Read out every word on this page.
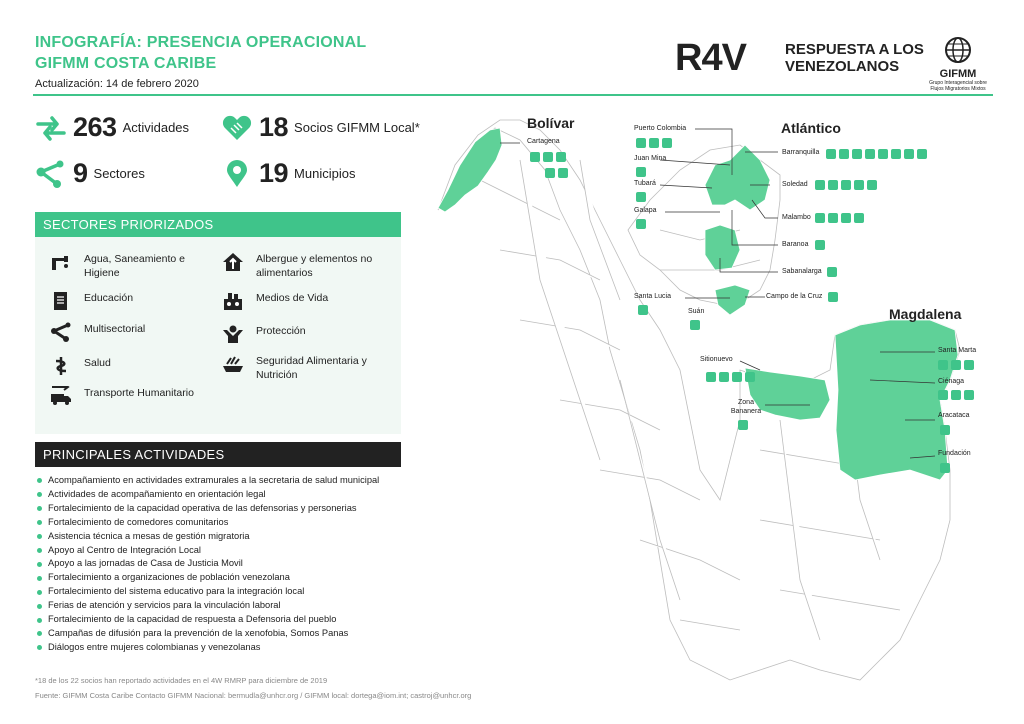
INFOGRAFÍA: PRESENCIA OPERACIONAL
GIFMM COSTA CARIBE
Actualización: 14 de febrero 2020
R4V	RESPUESTA A LOS
VENEZOLANOS	GIFMM
Grupo Interagencial sobre Flujos Migratorios Mixtos
263 Actividades	18 Socios GIFMM Local*
9 Sectores	19 Municipios
SECTORES PRIORIZADOS
Agua, Saneamiento e Higiene
Albergue y elementos no alimentarios
Educación	Medios de Vida
Multisectorial	Protección
Salud	Seguridad Alimentaria y Nutrición
Transporte Humanitario
PRINCIPALES ACTIVIDADES
Acompañamiento en actividades extramurales a la secretaria de salud municipal
Actividades de acompañamiento en orientación legal
Fortalecimiento de la capacidad operativa de las defensorias y personerias
Fortalecimiento de comedores comunitarios
Asistencia técnica a mesas de gestión migratoria
Apoyo al Centro de Integración Local
Apoyo a las jornadas de Casa de Justicia Movil
Fortalecimiento a organizaciones de población venezolana
Fortalecimiento del sistema educativo para la integración local
Ferias de atención y servicios para la vinculación laboral
Fortalecimiento de la capacidad de respuesta a Defensoria del pueblo
Campañas de difusión para la prevención de la xenofobia, Somos Panas
Diálogos entre mujeres colombianas y venezolanas
*18 de los 22 socios han reportado actividades en el 4W RMRP para diciembre de 2019
Fuente: GIFMM Costa Caribe Contacto GIFMM Nacional: bermudla@unhcr.org / GIFMM local: dortega@iom.int; castroj@unhcr.org
Bolívar	Atlántico
Magdalena
Cartagena
Puerto Colombia
Juan Mina
Tubará
Galapa
Barranquilla
Soledad
Malambo
Baranoa
Sabanalarga
Santa Lucia	Campo de la Cruz
Suán
Sitionuevo
Zona Bananera
Santa Marta
Ciénaga
Aracataca
Fundación
